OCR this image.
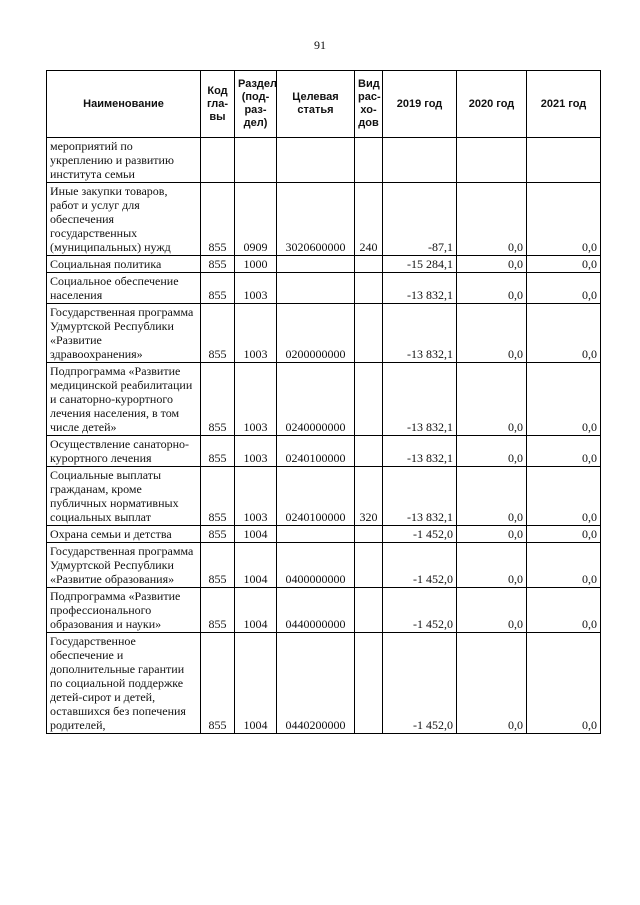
91
Наименование	Код гла-вы	Раздел (под-раз-дел)	Целевая статья	Вид рас-хо-дов	2019 год	2020 год	2021 год
мероприятий по укреплению и развитию института семьи							
Иные закупки товаров, работ и услуг для обеспечения государственных (муниципальных) нужд	855	0909	3020600000	240	-87,1	0,0	0,0
Социальная политика	855	1000			-15 284,1	0,0	0,0
Социальное обеспечение населения	855	1003			-13 832,1	0,0	0,0
Государственная программа Удмуртской Республики «Развитие здравоохранения»	855	1003	0200000000		-13 832,1	0,0	0,0
Подпрограмма «Развитие медицинской реабилитации и санаторно-курортного лечения населения, в том числе детей»	855	1003	0240000000		-13 832,1	0,0	0,0
Осуществление санаторно-курортного лечения	855	1003	0240100000		-13 832,1	0,0	0,0
Социальные выплаты гражданам, кроме публичных нормативных социальных выплат	855	1003	0240100000	320	-13 832,1	0,0	0,0
Охрана семьи и детства	855	1004			-1 452,0	0,0	0,0
Государственная программа Удмуртской Республики «Развитие образования»	855	1004	0400000000		-1 452,0	0,0	0,0
Подпрограмма «Развитие профессионального образования и науки»	855	1004	0440000000		-1 452,0	0,0	0,0
Государственное обеспечение и дополнительные гарантии по социальной поддержке детей-сирот и детей, оставшихся без попечения родителей,	855	1004	0440200000		-1 452,0	0,0	0,0
